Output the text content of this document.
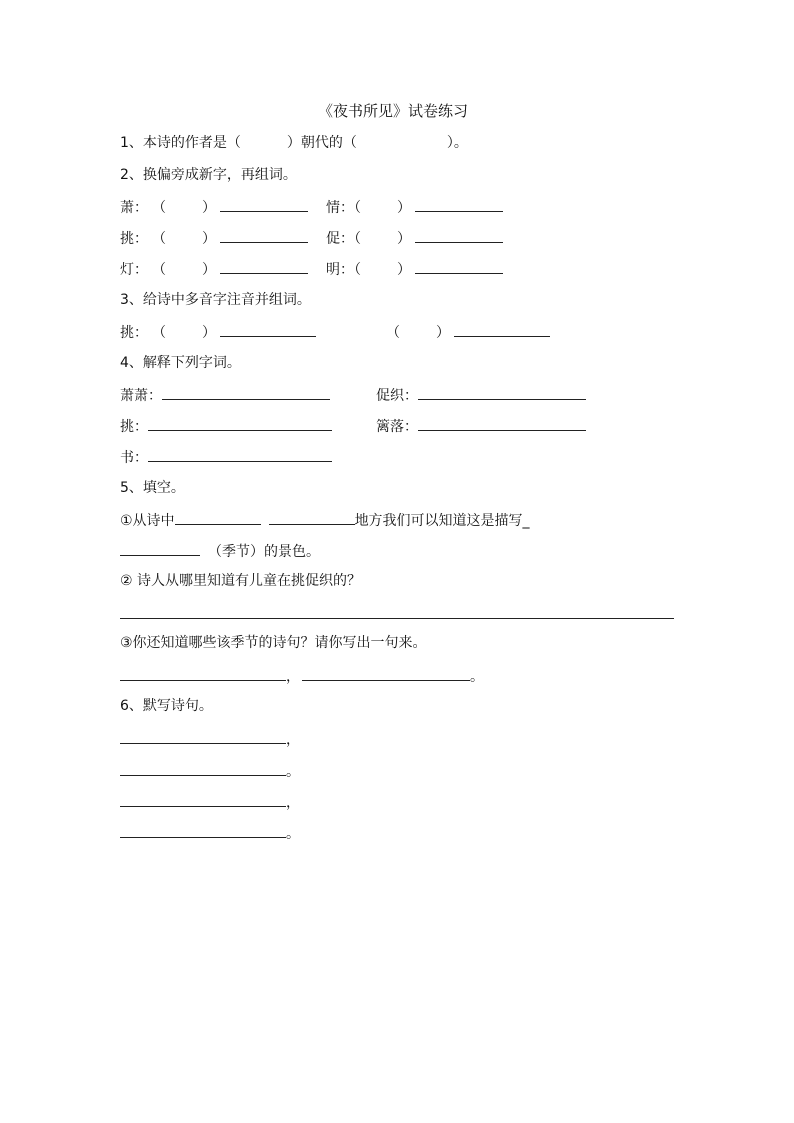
《夜书所见》试卷练习
1、本诗的作者是（	）朝代的（	）。
2、换偏旁成新字，再组词。
萧： （	）	情：（	）
挑： （	）	促：（	）
灯： （	）	明：（	）
3、给诗中多音字注音并组词。
挑： （	）	（	）
4、解释下列字词。
萧萧：	促织：
挑：	篱落：
书：
5、填空。
①从诗中	地方我们可以知道这是描写_
（季节）的景色。
② 诗人从哪里知道有儿童在挑促织的？
③你还知道哪些该季节的诗句？请你写出一句来。
，	。
6、默写诗句。
，
。
，
。
